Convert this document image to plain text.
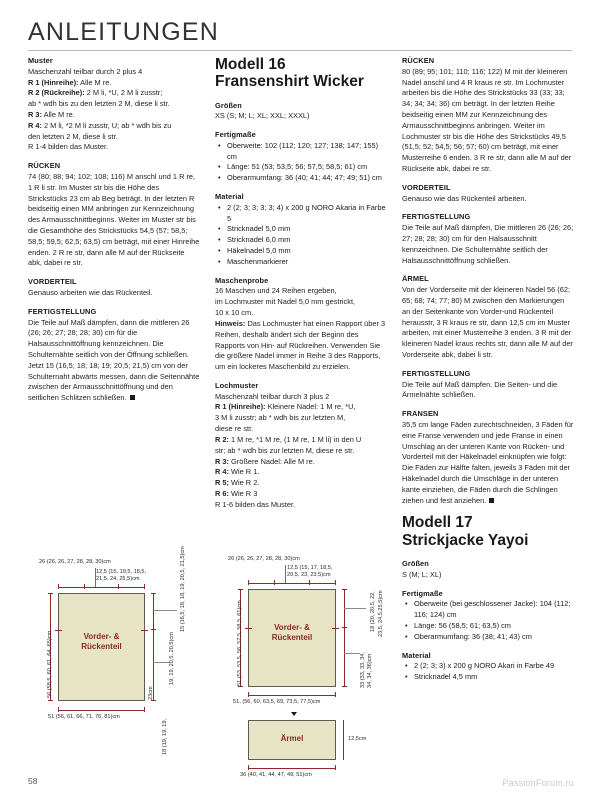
ANLEITUNGEN
Muster

Maschenzahl teilbar durch 2 plus 4

R 1 (Hinreihe): Alle M re.

R 2 (Rückreihe): 2 M li, *U, 2 M li zusstr;

ab * wdh bis zu den letzten 2 M, diese li str.

R 3: Alle M re.

R 4: 2 M li, *2 M li zusstr, U; ab * wdh bis zu

den letzten 2 M, diese li str.

R 1-4 bilden das Muster.

RÜCKEN

74 (80; 88; 94; 102; 108; 116) M anschl und 1 R re, 1 R li str. Im Muster str bis die Höhe des Strickstücks 23 cm ab Beg beträgt. In der letzten R beidseitig einen MM anbringen zur Kennzeichnung des Armausschnittbeginns. Weiter im Muster str bis die Gesamthöhe des Strickstücks 54,5 (57; 58,5; 58,5; 59,5; 62,5; 63,5) cm beträgt, mit einer Hinreihe enden. 2 R re str, dann alle M auf der Rückseite abk, dabei re str.

VORDERTEIL

Genauso arbeiten wie das Rückenteil.

FERTIGSTELLUNG

Die Teile auf Maß dämpfen, dann die mittleren 26 (26; 26; 27; 28; 28; 30) cm für die Halsausschnittöffnung kennzeichnen. Die Schulternähte seitlich von der Öffnung schließen. Jetzt 15 (16,5; 18; 18; 19; 20,5; 21,5) cm von der Schulternaht abwärts messen, dann die Seitennähte zwischen der Armausschnittöffnung und den seitlichen Schlitzen schließen.

Modell 16
Fransenshirt Wicker
Größen

XS (S; M; L; XL; XXL; XXXL)

Fertigmaße
• Oberweite: 102 (112; 120; 127; 138; 147; 155) cm
• Länge: 51 (53; 53,5; 56; 57,5; 58,5; 61) cm
• Oberarmumfang: 36 (40; 41; 44; 47; 49; 51) cm
Material
• 2 (2; 3; 3; 3; 3; 4) x 200 g NORO Akaria in Farbe 5
• Stricknadel 5,0 mm
• Stricknadel 6,0 mm
• Häkelnadel 5,0 mm
• Maschenmarkierer
Maschenprobe

16 Maschen und 24 Reihen ergeben,

im Lochmuster mit Nadel 5,0 mm gestrickt,

10 x 10 cm.

Hinweis: Das Lochmuster hat einen Rapport über 3 Reihen, deshalb ändert sich der Beginn des Rapports von Hin- auf Rückreihen. Verwenden Sie die größere Nadel immer in Reihe 3 des Rapports, um ein lockeres Maschenbild zu erzielen.

Lochmuster

Maschenzahl teilbar durch 3 plus 2

R 1 (Hinreihe): Kleinere Nadel: 1 M re, *U,

3 M li zusstr; ab * wdh bis zur letzten M,

diese re str.

R 2: 1 M re, *1 M re, (1 M re, 1 M li) in den U

str; ab * wdh bis zur letzten M, diese re str.

R 3: Größere Nadel: Alle M re.

R 4: Wie R 1.

R 5; Wie R 2.

R 6: Wie R 3

R 1-6 bilden das Muster.

RÜCKEN

80 (89; 95; 101; 110; 116; 122) M mit der kleineren Nadel anschl und 4 R kraus re str. Im Lochmuster arbeiten bis die Höhe des Strickstücks 33 (33; 33; 34; 34; 34; 36) cm beträgt. In der letzten Reihe beidseitig einen MM zur Kennzeichnung des Armausschnittbeginns anbringen. Weiter im Lochmuster str bis die Höhe des Strickstücks 49,5 (51,5; 52; 54,5; 56; 57; 60) cm beträgt, mit einer Musterreihe 6 enden. 3 R re str, dann alle M auf der Rückseite abk, dabei re str.

VORDERTEIL

Genauso wie das Rückenteil arbeiten.

FERTIGSTELLUNG

Die Teile auf Maß dämpfen, Die mittleren 26 (26; 26; 27; 28; 28; 30) cm für den Halsausschnitt kennzeichnen. Die Schulternähte seitlich der Halsausschnittöffnung schließen.

ÄRMEL

Von der Vorderseite mit der kleineren Nadel 56 (62; 65; 68; 74; 77; 80) M zwischen den Markierungen an der Seitenkante von Vorder-und Rückenteil herausstr, 3 R kraus re str, dann 12,5 cm im Muster arbeiten, mit einer Musterreihe 3 enden. 3 R mit der kleineren Nadel kraus rechts str, dann alle M auf der Vorderseite abk, dabei li str.

FERTIGSTELLUNG

Die Teile auf Maß dämpfen. Die Seiten- und die Ärmelnähte schließen.

FRANSEN

35,5 cm lange Fäden zurechtschneiden, 3 Fäden für eine Franse verwenden und jede Franse in einen Umschlag an der unteren Kante von Rücken- und Vorderteil mit der Häkelnadel einknüpfen wie folgt: Die Fäden zur Hälfte falten, jeweils 3 Fäden mit der Häkelnadel durch die Umschläge in der unteren kante einziehen, die Fäden durch die Schlingen ziehen und fest anziehen.

Modell 17
Strickjacke Yayoi
Größen

S (M; L; XL)

Fertigmaße
• Oberweite (bei geschlossener Jacke): 104 (112; 116; 124) cm
• Länge: 56 (58,5; 61; 63,5) cm
• Oberarmumfang: 36 (38; 41; 43) cm
Material
• 2 (2; 3; 3) x 200 g NORO Akari in Farbe 49
• Stricknadel 4,5 mm
26 (26, 26, 27, 28, 28, 30)cm
12,5 (15, 19,5, 18,5,
21,5, 24, 25,5)cm
Vorder- &
Rückenteil
56 (58,5, 60, 61, 64, 65)cm
15 (16,5, 18, 18, 19, 20,5, 21,5)cm
19, 19, 20,5, 20,5)cm
18 (19, 19, 19,
23cm
51 (56, 61, 66, 71, 76, 81)cm
26 (26, 26, 27, 28, 28, 30)cm
12,5 (15, 17, 18,5,
20,5, 23, 23,5)cm
Vorder- &
Rückenteil
51 (53, 53,5, 56, 57,5, 58,5, 61)cm	18 (20, 20,5, 22, 23,5, 24,5,25,5)cm
33 (33, 33, 34, 34, 34, 36)cm
51, (56, 60, 63,5, 69, 73,5, 77,5)cm
Ärmel	12,5cm
36 (40, 41, 44, 47, 49, 51)cm
58	PassionForum.ru
